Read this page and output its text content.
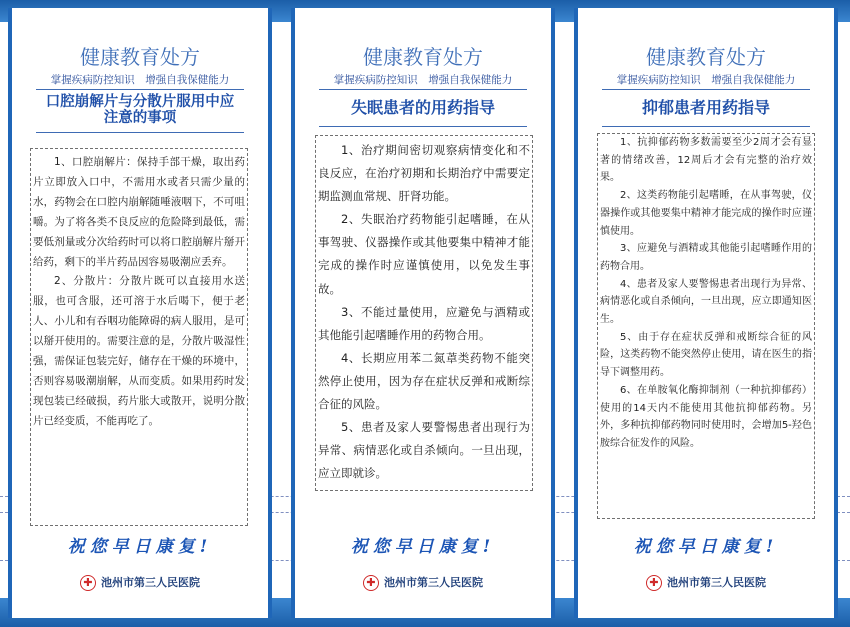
健康教育处方
掌握疾病防控知识　增强自我保健能力
口腔崩解片与分散片服用中应注意的事项

1、口腔崩解片：保持手部干燥，取出药片立即放入口中，不需用水或者只需少量的水，药物会在口腔内崩解随唾液咽下，不可咀嚼。为了将各类不良反应的危险降到最低，需要低剂量或分次给药时可以将口腔崩解片掰开给药，剩下的半片药品因容易吸潮应丢弃。

2、分散片：分散片既可以直接用水送服，也可含服，还可溶于水后喝下，便于老人、小儿和有吞咽功能障碍的病人服用，是可以掰开使用的。需要注意的是，分散片吸湿性强，需保证包装完好，储存在干燥的环境中，否则容易吸潮崩解，从而变质。如果用药时发现包装已经破损，药片胀大或散开，说明分散片已经变质，不能再吃了。

祝您早日康复!
✚ 池州市第三人民医院
健康教育处方
掌握疾病防控知识　增强自我保健能力
失眠患者的用药指导

1、治疗期间密切观察病情变化和不良反应，在治疗初期和长期治疗中需要定期监测血常规、肝肾功能。

2、失眠治疗药物能引起嗜睡，在从事驾驶、仪器操作或其他要集中精神才能完成的操作时应谨慎使用，以免发生事故。

3、不能过量使用，应避免与酒精或其他能引起嗜睡作用的药物合用。

4、长期应用苯二氮䓬类药物不能突然停止使用，因为存在症状反弹和戒断综合征的风险。

5、患者及家人要警惕患者出现行为异常、病情恶化或自杀倾向。一旦出现，应立即就诊。

祝您早日康复!
✚ 池州市第三人民医院
健康教育处方
掌握疾病防控知识　增强自我保健能力
抑郁患者用药指导

1、抗抑郁药物多数需要至少2周才会有显著的情绪改善，12周后才会有完整的治疗效果。

2、这类药物能引起嗜睡，在从事驾驶，仪器操作或其他要集中精神才能完成的操作时应谨慎使用。

3、应避免与酒精或其他能引起嗜睡作用的药物合用。

4、患者及家人要警惕患者出现行为异常、病情恶化或自杀倾向，一旦出现，应立即通知医生。

5、由于存在症状反弹和戒断综合征的风险，这类药物不能突然停止使用，请在医生的指导下调整用药。

6、在单胺氧化酶抑制剂（一种抗抑郁药）使用的14天内不能使用其他抗抑郁药物。另外，多种抗抑郁药物同时使用时，会增加5-羟色胺综合征发作的风险。

祝您早日康复!
✚ 池州市第三人民医院
